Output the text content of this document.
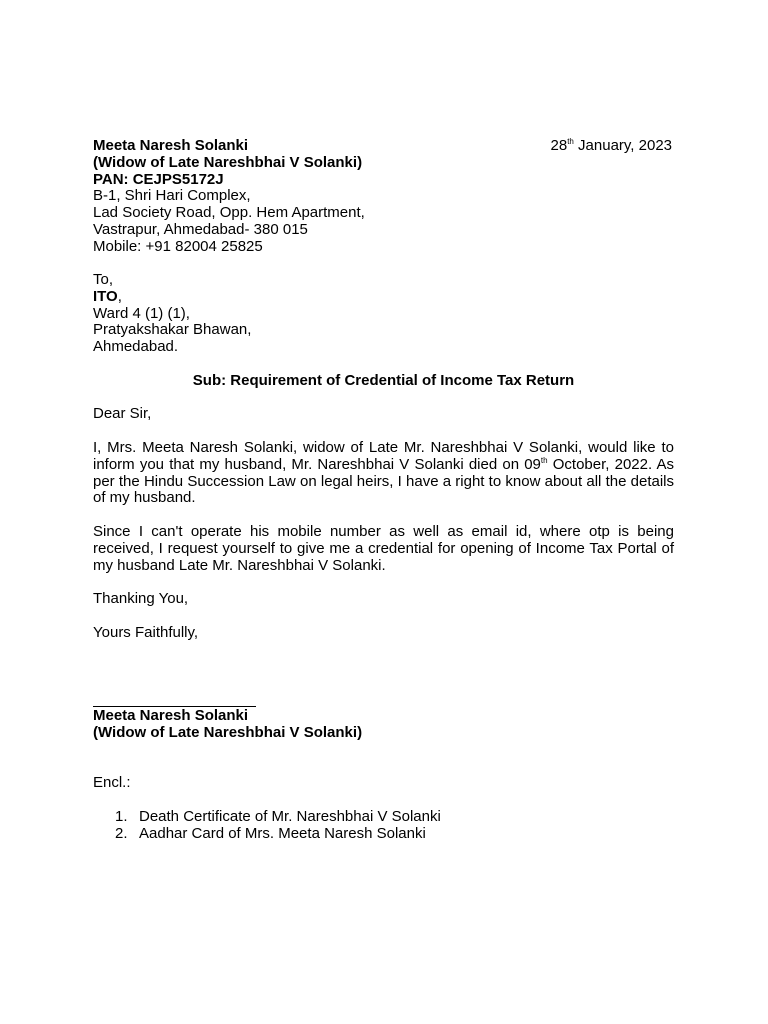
Meeta Naresh Solanki
(Widow of Late Nareshbhai V Solanki)
PAN: CEJPS5172J
B-1, Shri Hari Complex,
Lad Society Road, Opp. Hem Apartment,
Vastrapur, Ahmedabad- 380 015
Mobile: +91 82004 25825
28th January, 2023
To,
ITO,
Ward 4 (1) (1),
Pratyakshakar Bhawan,
Ahmedabad.
Sub: Requirement of Credential of Income Tax Return
Dear Sir,
I, Mrs. Meeta Naresh Solanki, widow of Late Mr. Nareshbhai V Solanki, would like to inform you that my husband, Mr. Nareshbhai V Solanki died on 09th October, 2022. As per the Hindu Succession Law on legal heirs, I have a right to know about all the details of my husband.
Since I can't operate his mobile number as well as email id, where otp is being received, I request yourself to give me a credential for opening of Income Tax Portal of my husband Late Mr. Nareshbhai V Solanki.
Thanking You,
Yours Faithfully,
Meeta Naresh Solanki
(Widow of Late Nareshbhai V Solanki)
Encl.:
1. Death Certificate of Mr. Nareshbhai V Solanki
2. Aadhar Card of Mrs. Meeta Naresh Solanki
